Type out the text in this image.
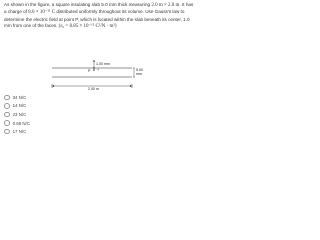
As shown in the figure, a square insulating slab 5.0 mm thick measuring 2.0 m × 2.0 m. It has a charge of 8.0 × 10⁻¹¹ C distributed uniformly throughout its volume. Use Gauss's law to determine the electric field at point P, which is located within the slab beneath its center, 1.0 mm from one of the faces. (ε₀ = 8.85 × 10⁻¹² C²/N · m²)
1.00 mm
5.00
mm
P +
2.00 m
34 N/C
14 N/C
23 N/C
0.68 N/C
17 N/C
